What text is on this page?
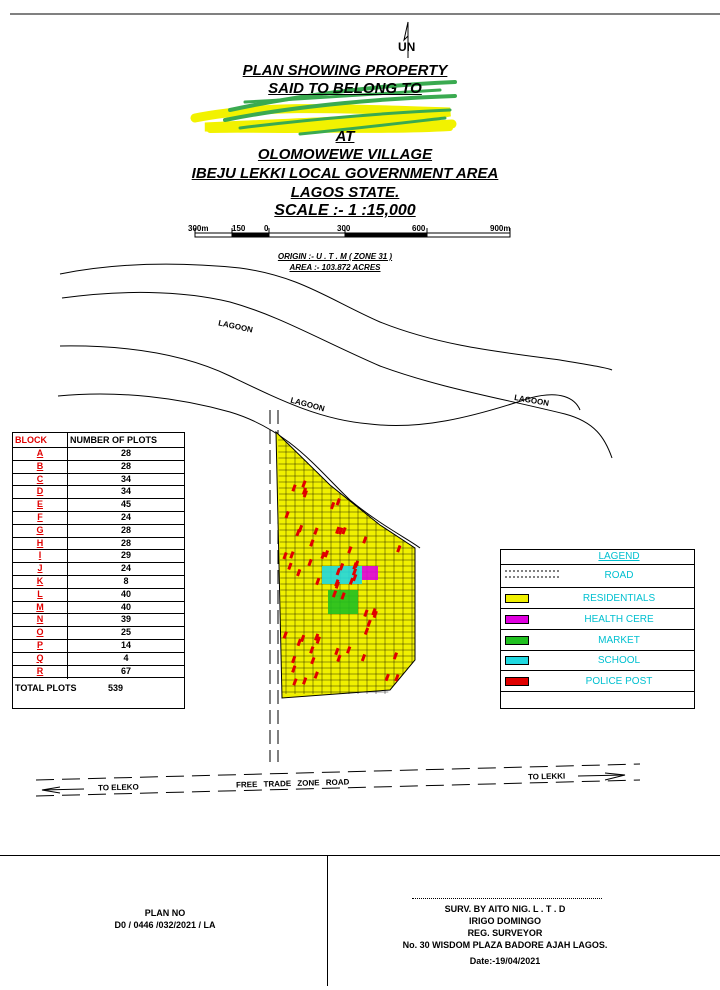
UN
PLAN SHOWING PROPERTY
SAID TO BELONG TO
AT
OLOMOWEWE VILLAGE
IBEJU LEKKI LOCAL GOVERNMENT AREA
LAGOS STATE.
SCALE :- 1 :15,000
300m	150 0	300	600	900m
ORIGIN :- U . T . M ( ZONE 31 )
AREA :- 103.872 ACRES
LAGOON
LAGOON	LAGOON
TO ELEKO	FREE TRADE ZONE ROAD
TO LEKKI
BLOCK	NUMBER OF PLOTS
A	28
B	28
C	34
D	34
E	45
F	24
G	28
H	28
I	29
J	24
K	8
L	40
M	40
N	39
O	25
P	14
Q	4
R	67
TOTAL PLOTS	539
LAGEND
ROAD
RESIDENTIALS
HEALTH CERE
MARKET
SCHOOL
POLICE POST
PLAN NO
D0 / 0446 /032/2021 / LA
SURV. BY AITO NIG. L . T . D
IRIGO DOMINGO
REG. SURVEYOR
No. 30 WISDOM PLAZA BADORE AJAH LAGOS.
Date:-19/04/2021
